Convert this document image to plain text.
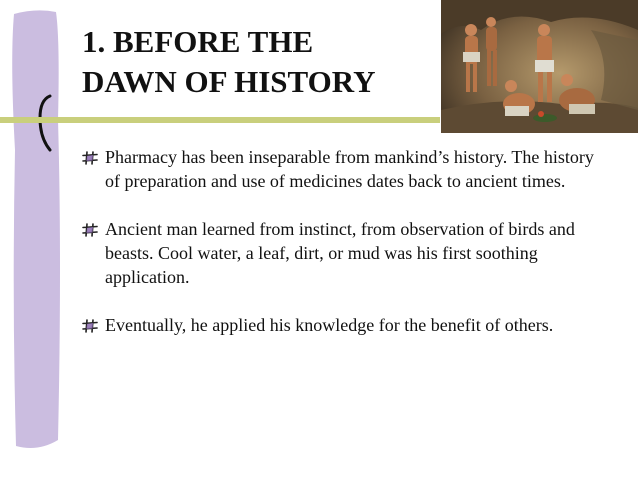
1. BEFORE THE
DAWN OF HISTORY
Pharmacy has been inseparable from mankind’s history. The history of preparation and use of medicines dates back to ancient times.
Ancient man learned from instinct, from observation of birds and beasts. Cool water, a leaf, dirt, or mud was his first soothing application.
Eventually, he applied his knowledge for the benefit of others.
